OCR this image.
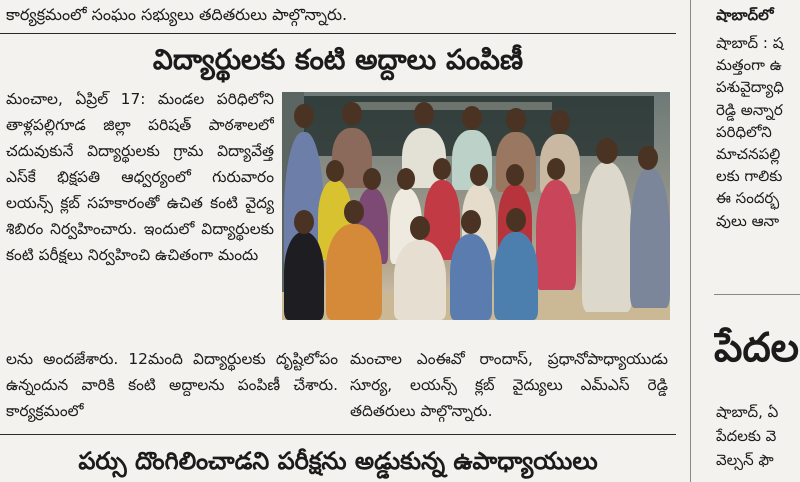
కార్యక్రమంలో సంఘం సభ్యులు తదితరులు పాల్గొన్నారు.
విద్యార్థులకు కంటి అద్దాలు పంపిణీ
మంచాల, ఏప్రిల్ 17: మండల పరిధిలోని తాళ్లపల్లిగూడ జిల్లా పరిషత్ పాఠశాలలో చదువుకునే విద్యార్థులకు గ్రామ విద్యావేత్త ఎస్‌కే భిక్షపతి ఆధ్వర్యంలో గురువారం లయన్స్ క్లబ్ సహకారంతో ఉచిత కంటి వైద్య శిబిరం నిర్వహించారు. ఇందులో విద్యార్థులకు కంటి పరీక్షలు నిర్వహించి ఉచితంగా మందు
లను అందజేశారు. 12మంది విద్యార్థులకు దృష్టిలోపం ఉన్నందున వారికి కంటి అద్దాలను పంపిణీ చేశారు. కార్యక్రమంలో
మంచాల ఎంఈవో రాందాస్, ప్రధానోపాధ్యాయుడు సూర్య, లయన్స్ క్లబ్ వైద్యులు ఎమ్ఎస్ రెడ్డి తదితరులు పాల్గొన్నారు.
పర్సు దొంగిలించాడని పరీక్షను అడ్డుకున్న ఉపాధ్యాయులు
షాబాద్‌లో
షాబాద్ : ష
మత్తంగా ఉ
పశువైద్యాధి
రెడ్డి అన్నార
పరిధిలోని
మాచనపల్లి
లకు గాలికు
ఈ సందర్భ
వులు ఆనా
పేదల
షాబాద్, ఏ
పేదలకు వె
వెల్సన్ ఫౌ
